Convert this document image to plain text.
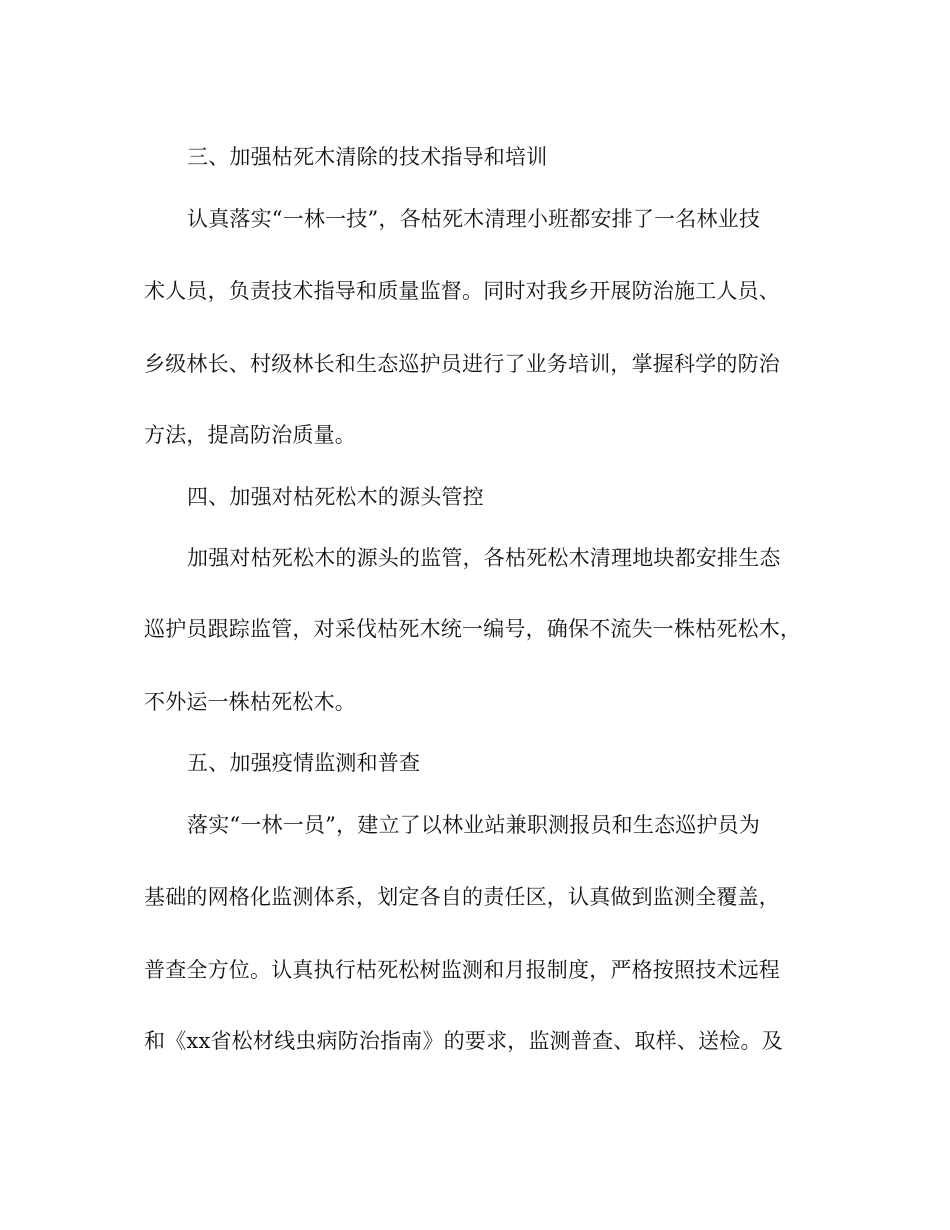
三、加强枯死木清除的技术指导和培训
认真落实“一林一技”，各枯死木清理小班都安排了一名林业技
术人员，负责技术指导和质量监督。同时对我乡开展防治施工人员、
乡级林长、村级林长和生态巡护员进行了业务培训，掌握科学的防治
方法，提高防治质量。
四、加强对枯死松木的源头管控
加强对枯死松木的源头的监管，各枯死松木清理地块都安排生态
巡护员跟踪监管，对采伐枯死木统一编号，确保不流失一株枯死松木，
不外运一株枯死松木。
五、加强疫情监测和普查
落实“一林一员”，建立了以林业站兼职测报员和生态巡护员为
基础的网格化监测体系，划定各自的责任区，认真做到监测全覆盖，
普查全方位。认真执行枯死松树监测和月报制度，严格按照技术远程
和《xx省松材线虫病防治指南》的要求，监测普查、取样、送检。及
